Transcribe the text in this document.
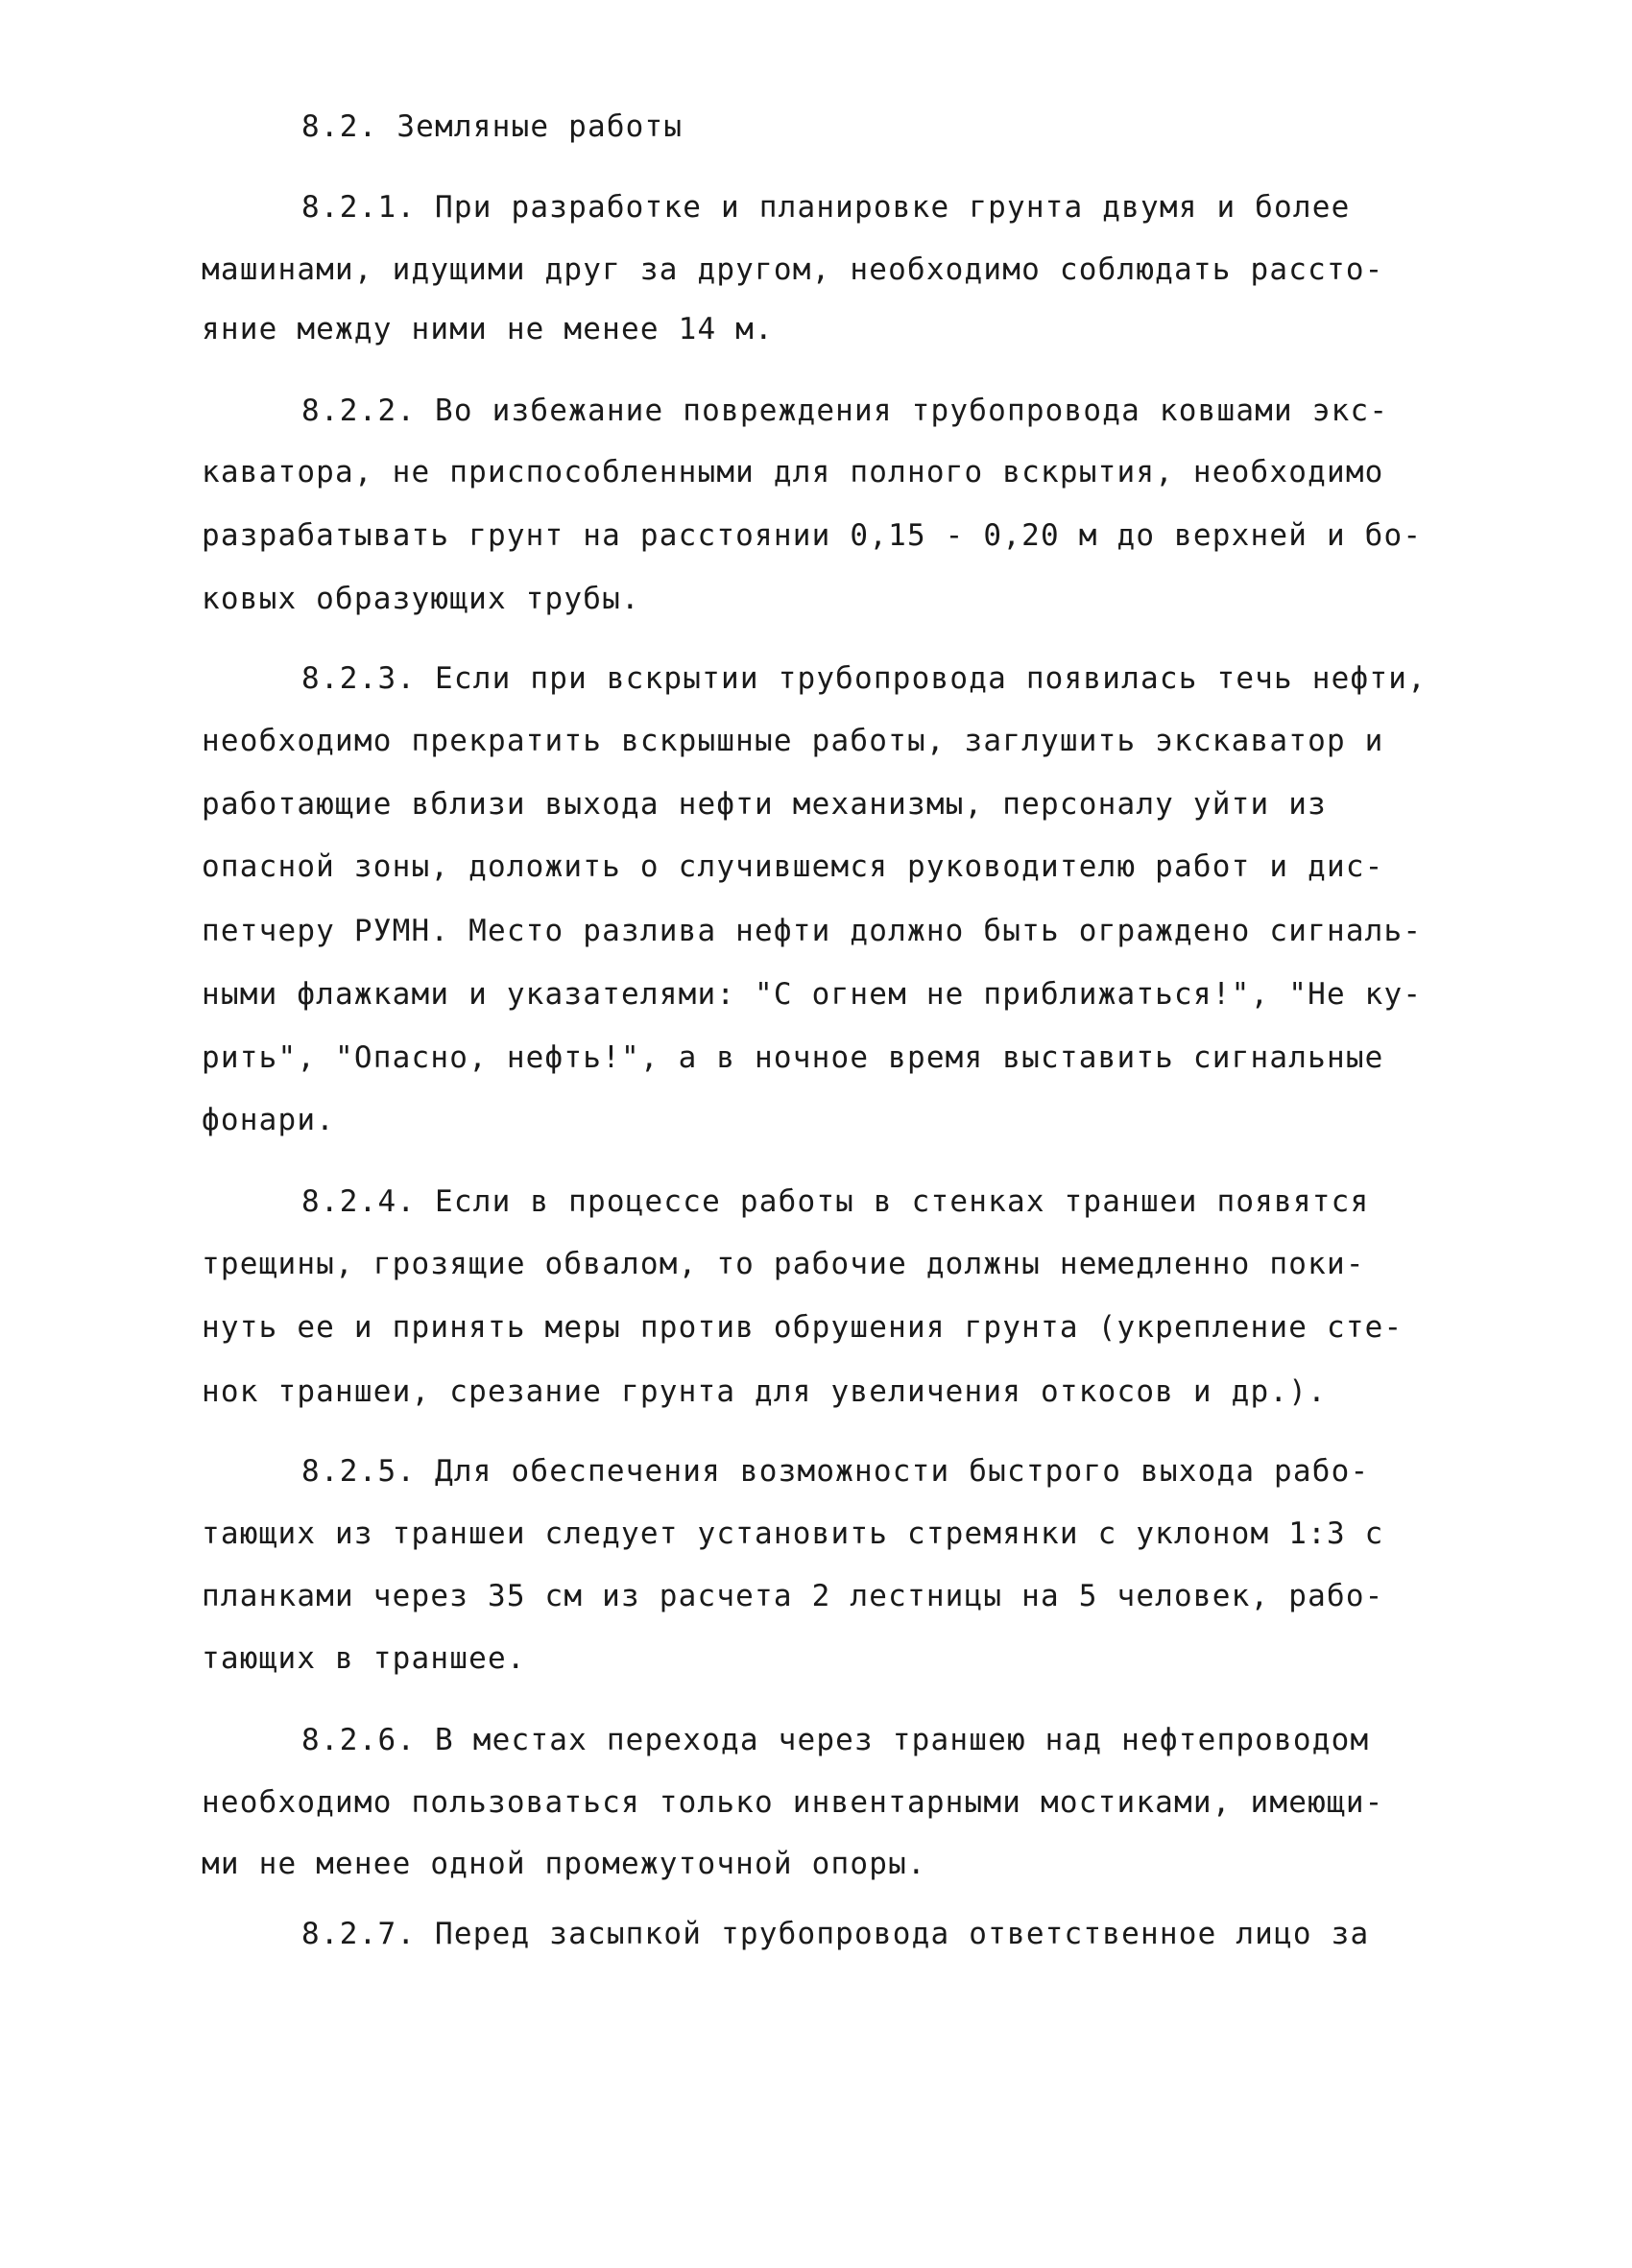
8.2. Земляные работы
8.2.1. При разработке и планировке грунта двумя и более
машинами, идущими друг за другом, необходимо соблюдать рассто-
яние между ними не менее 14 м.
8.2.2. Во избежание повреждения трубопровода ковшами экс-
каватора, не приспособленными для полного вскрытия, необходимо
разрабатывать грунт на расстоянии 0,15 - 0,20 м до верхней и бо-
ковых образующих трубы.
8.2.3. Если при вскрытии трубопровода появилась течь нефти,
необходимо прекратить вскрышные работы, заглушить экскаватор и
работающие вблизи выхода нефти механизмы, персоналу уйти из
опасной зоны, доложить о случившемся руководителю работ и дис-
петчеру РУМН. Место разлива нефти должно быть ограждено сигналь-
ными флажками и указателями: "С огнем не приближаться!", "Не ку-
рить", "Опасно, нефть!", а в ночное время выставить сигнальные
фонари.
8.2.4. Если в процессе работы в стенках траншеи появятся
трещины, грозящие обвалом, то рабочие должны немедленно поки-
нуть ее и принять меры против обрушения грунта (укрепление сте-
нок траншеи, срезание грунта для увеличения откосов и др.).
8.2.5. Для обеспечения возможности быстрого выхода рабо-
тающих из траншеи следует установить стремянки с уклоном 1:3 с
планками через 35 см из расчета 2 лестницы на 5 человек, рабо-
тающих в траншее.
8.2.6. В местах перехода через траншею над нефтепроводом
необходимо пользоваться только инвентарными мостиками, имеющи-
ми не менее одной промежуточной опоры.
8.2.7. Перед засыпкой трубопровода ответственное лицо за
